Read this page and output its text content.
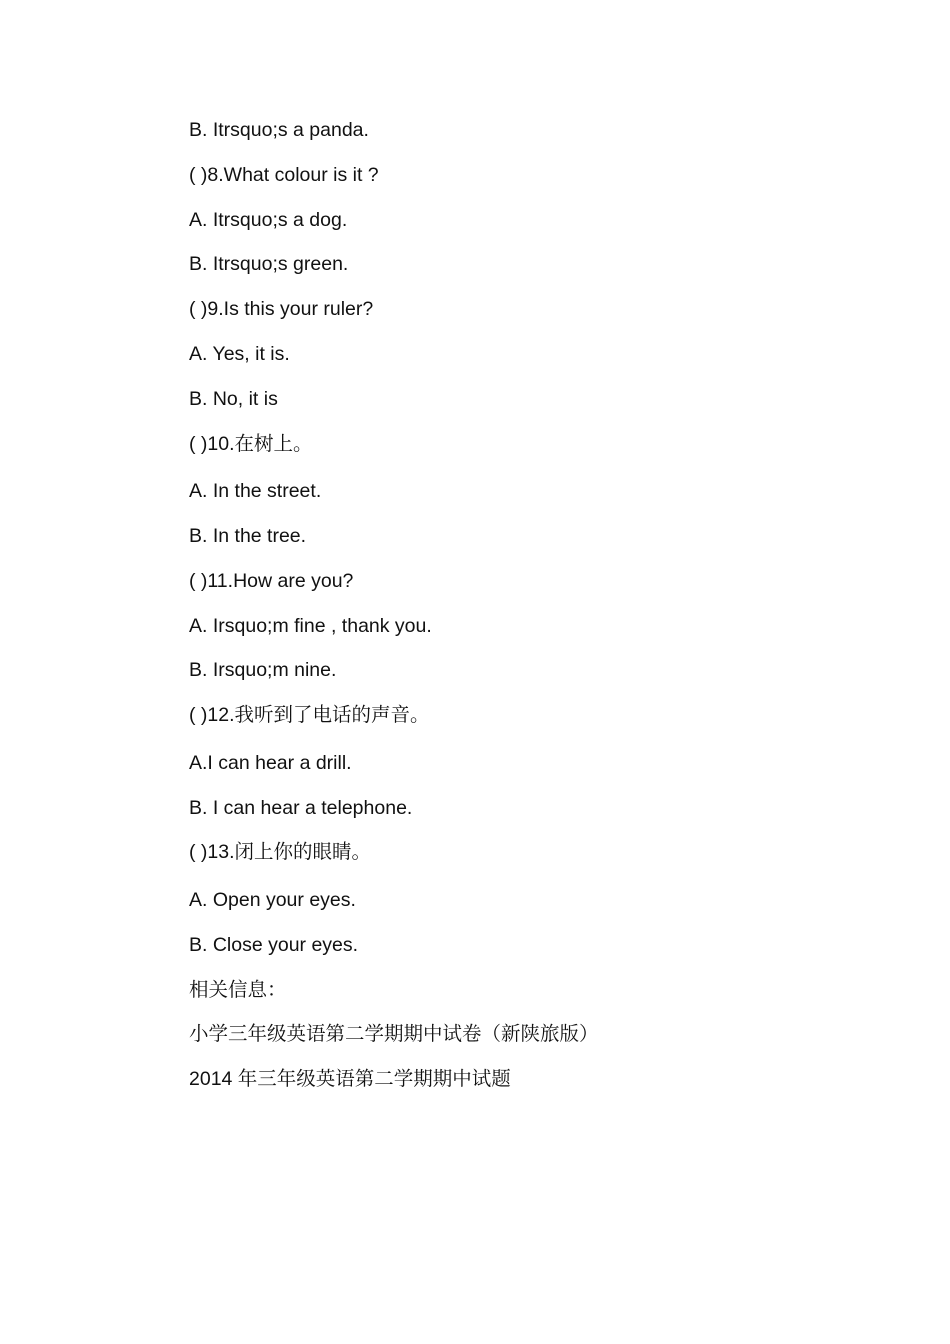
B. Itrsquo;s a panda.

( )8.What colour is it ?

A. Itrsquo;s a dog.

B. Itrsquo;s green.

( )9.Is this your ruler?

A. Yes, it is.

B. No, it is

( )10.在树上。

A. In the street.

B. In the tree.

( )11.How are you?

A. Irsquo;m fine , thank you.

B. Irsquo;m nine.

( )12.我听到了电话的声音。

A.I can hear a drill.

B. I can hear a telephone.

( )13.闭上你的眼睛。

A. Open your eyes.

B. Close your eyes.

相关信息：

小学三年级英语第二学期期中试卷（新陕旅版）

2014 年三年级英语第二学期期中试题
